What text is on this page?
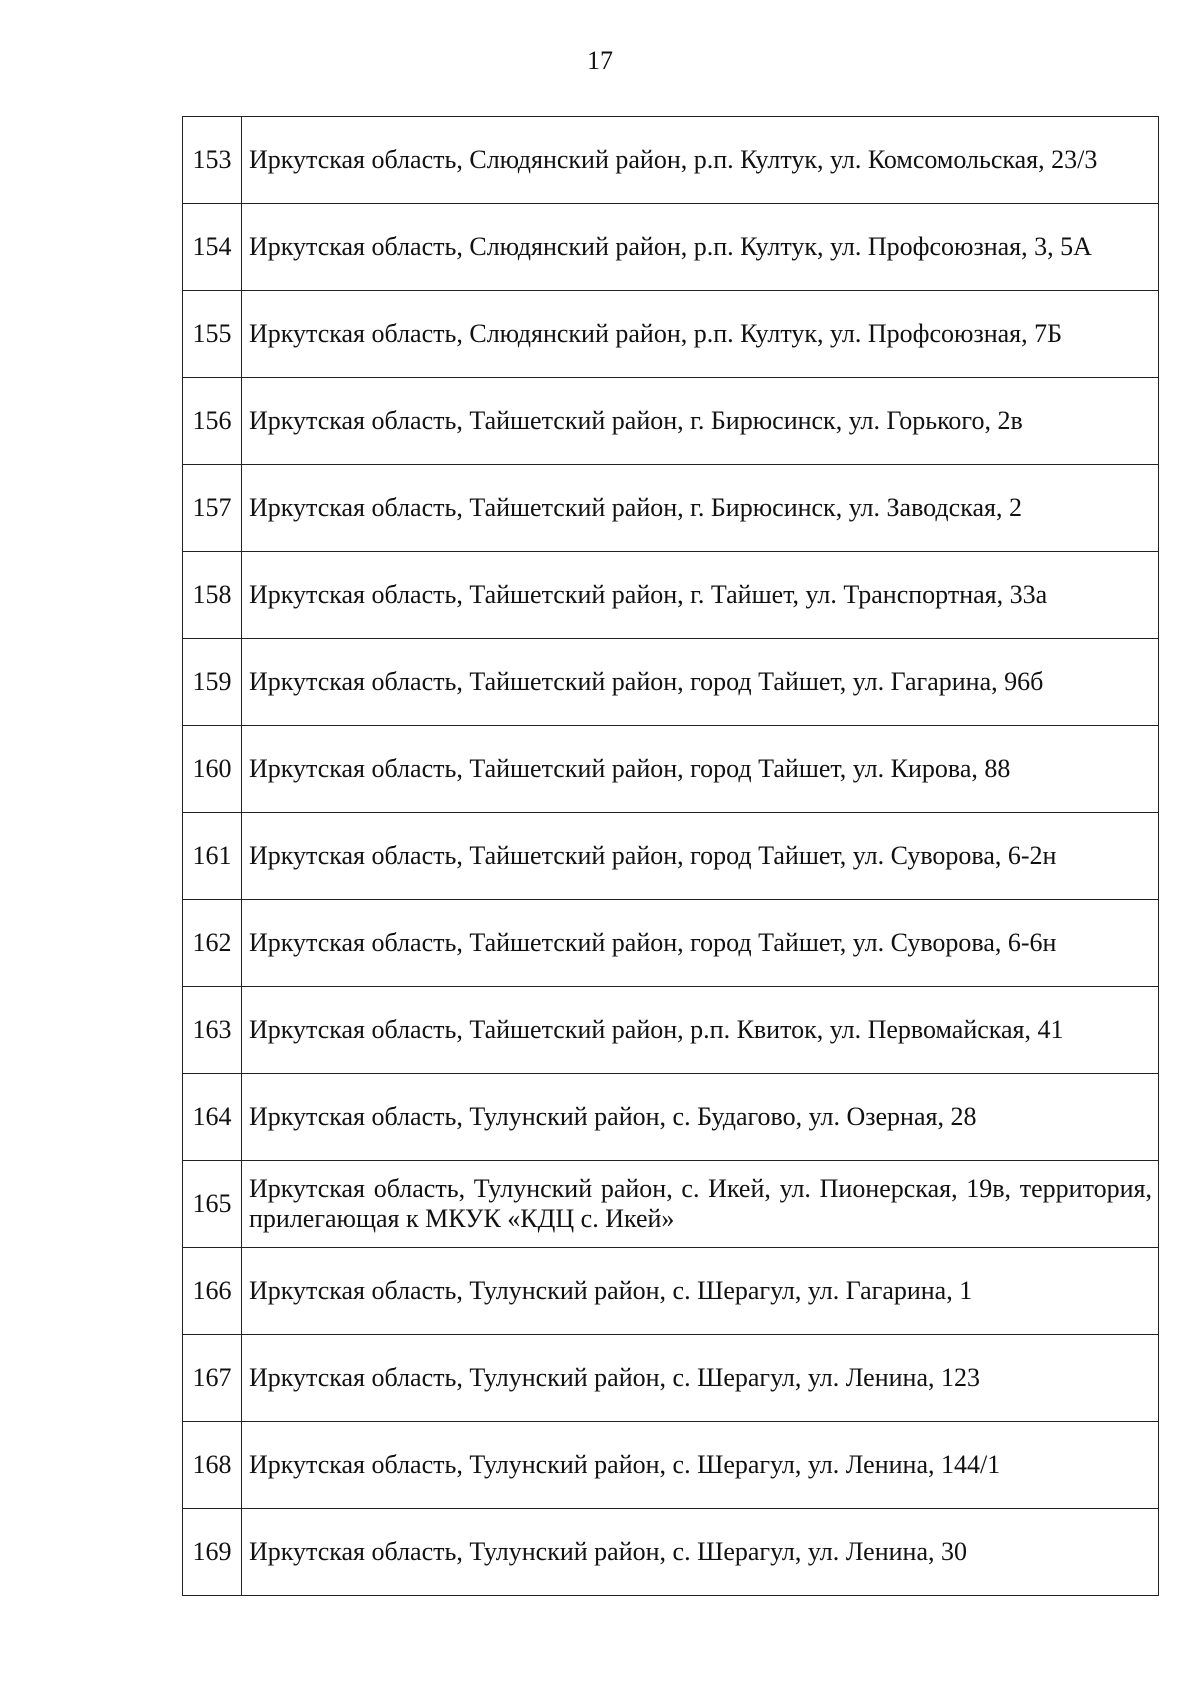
17
153	Иркутская область, Слюдянский район, р.п. Култук, ул. Комсомольская, 23/3
154	Иркутская область, Слюдянский район, р.п. Култук, ул. Профсоюзная, 3, 5А
155	Иркутская область, Слюдянский район, р.п. Култук, ул. Профсоюзная, 7Б
156	Иркутская область, Тайшетский район, г. Бирюсинск, ул. Горького, 2в
157	Иркутская область, Тайшетский район, г. Бирюсинск, ул. Заводская, 2
158	Иркутская область, Тайшетский район, г. Тайшет, ул. Транспортная, 33а
159	Иркутская область, Тайшетский район, город Тайшет, ул. Гагарина, 96б
160	Иркутская область, Тайшетский район, город Тайшет, ул. Кирова, 88
161	Иркутская область, Тайшетский район, город Тайшет, ул. Суворова, 6-2н
162	Иркутская область, Тайшетский район, город Тайшет, ул. Суворова, 6-6н
163	Иркутская область, Тайшетский район, р.п. Квиток, ул. Первомайская, 41
164	Иркутская область, Тулунский район, с. Будагово, ул. Озерная, 28
165	Иркутская область, Тулунский район, с. Икей, ул. Пионерская, 19в, территория, прилегающая к МКУК «КДЦ с. Икей»
166	Иркутская область, Тулунский район, с. Шерагул, ул. Гагарина, 1
167	Иркутская область, Тулунский район, с. Шерагул, ул. Ленина, 123
168	Иркутская область, Тулунский район, с. Шерагул, ул. Ленина, 144/1
169	Иркутская область, Тулунский район, с. Шерагул, ул. Ленина, 30
